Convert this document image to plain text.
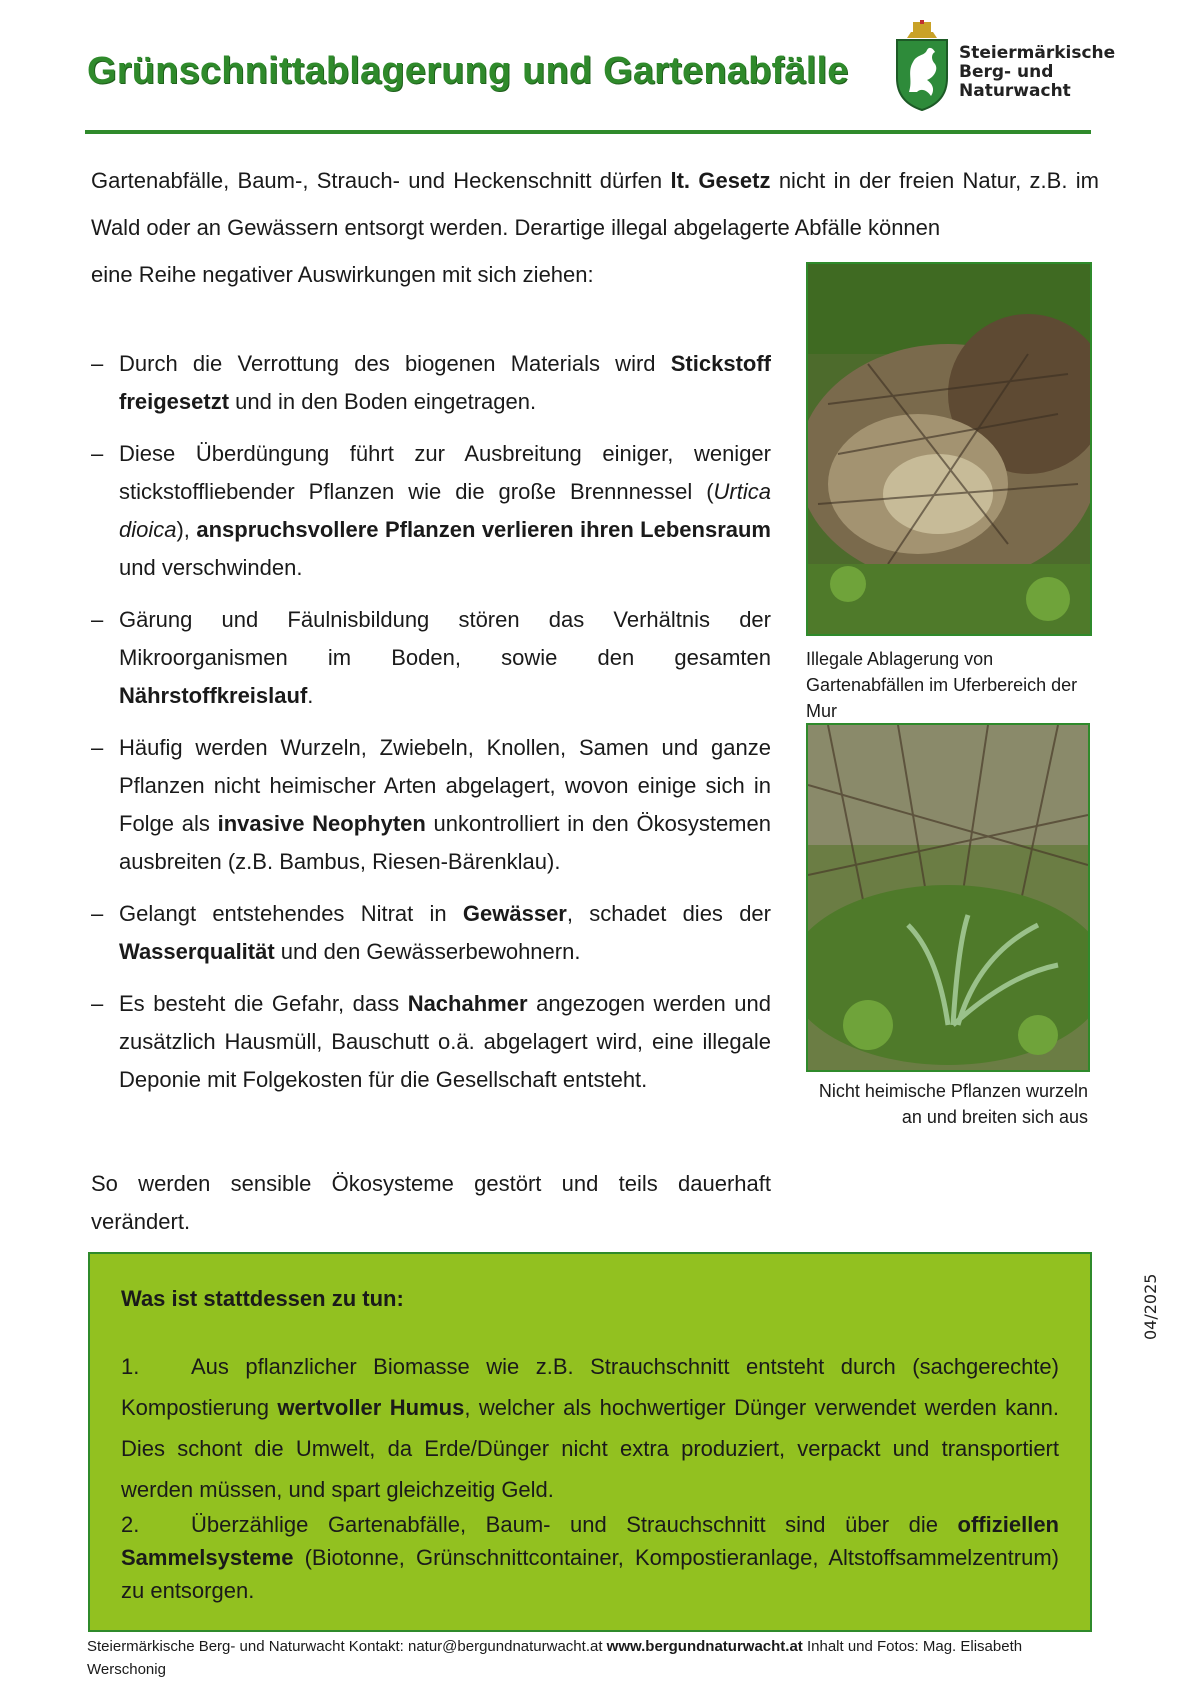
Grünschnittablagerung und Gartenabfälle	Steiermärkische
Berg- und
Naturwacht

Gartenabfälle, Baum-, Strauch- und Heckenschnitt dürfen lt. Gesetz nicht in der freien Natur, z.B. im Wald oder an Gewässern entsorgt werden. Derartige illegal abgelagerte Abfälle können

eine Reihe negativer Auswirkungen mit sich ziehen:

– Durch die Verrottung des biogenen Materials wird Stickstoff freigesetzt und in den Boden eingetragen.
– Diese Überdüngung führt zur Ausbreitung einiger, weniger stickstoffliebender Pflanzen wie die große Brennnessel (Urtica dioica), anspruchsvollere Pflanzen verlieren ihren Lebensraum und verschwinden.
– Gärung und Fäulnisbildung stören das Verhältnis der Mikroorganismen im Boden, sowie den gesamten Nährstoffkreislauf.
– Häufig werden Wurzeln, Zwiebeln, Knollen, Samen und ganze Pflanzen nicht heimischer Arten abgelagert, wovon einige sich in Folge als invasive Neophyten unkontrolliert in den Ökosystemen ausbreiten (z.B. Bambus, Riesen-Bärenklau).
– Gelangt entstehendes Nitrat in Gewässer, schadet dies der Wasserqualität und den Gewässerbewohnern.
– Es besteht die Gefahr, dass Nachahmer angezogen werden und zusätzlich Hausmüll, Bauschutt o.ä. abgelagert wird, eine illegale Deponie mit Folgekosten für die Gesellschaft entsteht.

So werden sensible Ökosysteme gestört und teils dauerhaft verändert.

Illegale Ablagerung von Gartenabfällen im Uferbereich der Mur

Nicht heimische Pflanzen wurzeln an und breiten sich aus

Was ist stattdessen zu tun:

1. Aus pflanzlicher Biomasse wie z.B. Strauchschnitt entsteht durch (sachgerechte) Kompostierung wertvoller Humus, welcher als hochwertiger Dünger verwendet werden kann. Dies schont die Umwelt, da Erde/Dünger nicht extra produziert, verpackt und transportiert werden müssen, und spart gleichzeitig Geld.

2. Überzählige Gartenabfälle, Baum- und Strauchschnitt sind über die offiziellen Sammelsysteme (Biotonne, Grünschnittcontainer, Kompostieranlage, Altstoffsammelzentrum) zu entsorgen.

04/2025

Steiermärkische Berg- und Naturwacht Kontakt: natur@bergundnaturwacht.at www.bergundnaturwacht.at Inhalt und Fotos: Mag. Elisabeth Werschonig
